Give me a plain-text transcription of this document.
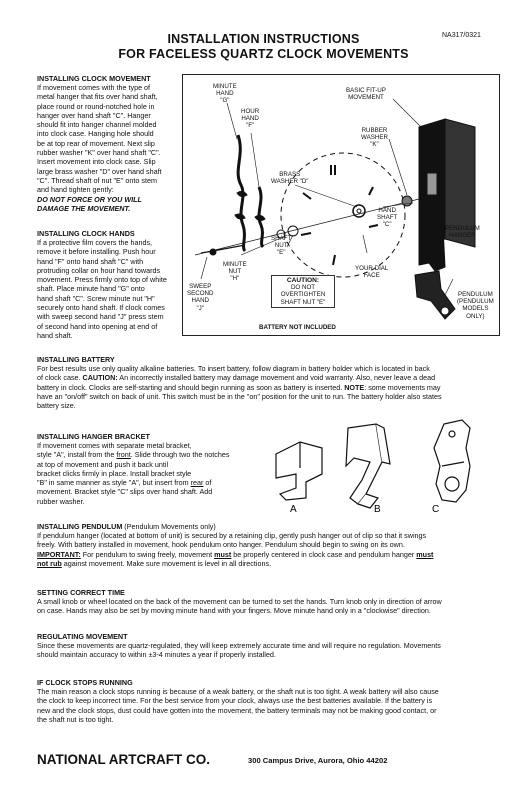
NA317/0321
INSTALLATION INSTRUCTIONS
FOR FACELESS QUARTZ CLOCK MOVEMENTS
INSTALLING CLOCK MOVEMENT

If movement comes with the type of
metal hanger that fits over hand shaft,
place round or round-notched hole in
hanger over hand shaft "C". Hanger
should fit into hanger channel molded
into clock case. Hanging hole should
be at top rear of movement. Next slip
rubber washer "K" over hand shaft "C".
Insert movement into clock case. Slip
large brass washer "D" over hand shaft
"C". Thread shaft of nut "E" onto stem
and hand tighten gently:
DO NOT FORCE OR YOU WILL
DAMAGE THE MOVEMENT.

INSTALLING CLOCK HANDS

If a protective film covers the hands,
remove it before installing. Push hour
hand "F" onto hand shaft "C" with
protruding collar on hour hand towards
movement. Press firmly onto top of white
shaft. Place minute hand "G" onto
hand shaft "C". Screw minute nut "H"
securely onto hand shaft. If clock comes
with sweep second hand "J" press stem
of second hand into opening at end of
hand shaft.

MINUTE
HAND
"G"
HOUR
HAND
"F"
BASIC FIT-UP
MOVEMENT
RUBBER
WASHER
"K"
BRASS
WASHER "D"
HAND
SHAFT
"C"
PENDULUM
HANGER
SHAFT
NUT
"E"
YOUR DIAL
FACE
MINUTE
NUT
"H"
SWEEP
SECOND
HAND
"J"
PENDULUM
(PENDULUM
MODELS
ONLY)
CAUTION:
DO NOT
OVERTIGHTEN
SHAFT NUT "E"
BATTERY NOT INCLUDED
INSTALLING BATTERY

For best results use only quality alkaline batteries. To insert battery, follow diagram in battery holder which is located in back
of clock case. CAUTION: An incorrectly installed battery may damage movement and void warranty. Also, never leave a dead
battery in clock. Clocks are self-starting and should begin running as soon as battery is inserted. NOTE: some movements may
have an "on/off" switch on back of unit. This switch must be in the "on" position for the unit to run. The battery holder also states
battery size.

INSTALLING HANGER BRACKET

If movement comes with separate metal bracket,
style "A", install from the front. Slide through two the notches
at top of movement and push it back until
bracket clicks firmly in place. Install bracket style
"B" in same manner as style "A", but insert from rear of
movement. Bracket style "C" slips over hand shaft. Add
rubber washer.

A	B	C
INSTALLING PENDULUM (Pendulum Movements only)

If pendulum hanger (located at bottom of unit) is secured by a retaining clip, gently push hanger out of clip so that it swings
freely. With battery installed in movement, hook pendulum onto hanger. Pendulum should begin to swing on its own.
IMPORTANT: For pendulum to swing freely, movement must be properly centered in clock case and pendulum hanger must
not rub against movement. Make sure movement is level in all directions.

SETTING CORRECT TIME

A small knob or wheel located on the back of the movement can be turned to set the hands. Turn knob only in direction of arrow
on case. Hands may also be set by moving minute hand with your fingers. Move minute hand only in a "clockwise" direction.

REGULATING MOVEMENT

Since these movements are quartz-regulated, they will keep extremely accurate time and will require no regulation. Movements
should maintain accuracy to within ±3-4 minutes a year if properly installed.

IF CLOCK STOPS RUNNING

The main reason a clock stops running is because of a weak battery, or the shaft nut is too tight. A weak battery will also cause
the clock to keep incorrect time. For the best service from your clock, always use the best batteries available. If the battery is
new and the clock stops, dust could have gotten into the movement, the battery terminals may not be making good contact, or
the shaft nut is too tight.

NATIONAL ARTCRAFT CO.	300 Campus Drive, Aurora, Ohio 44202
